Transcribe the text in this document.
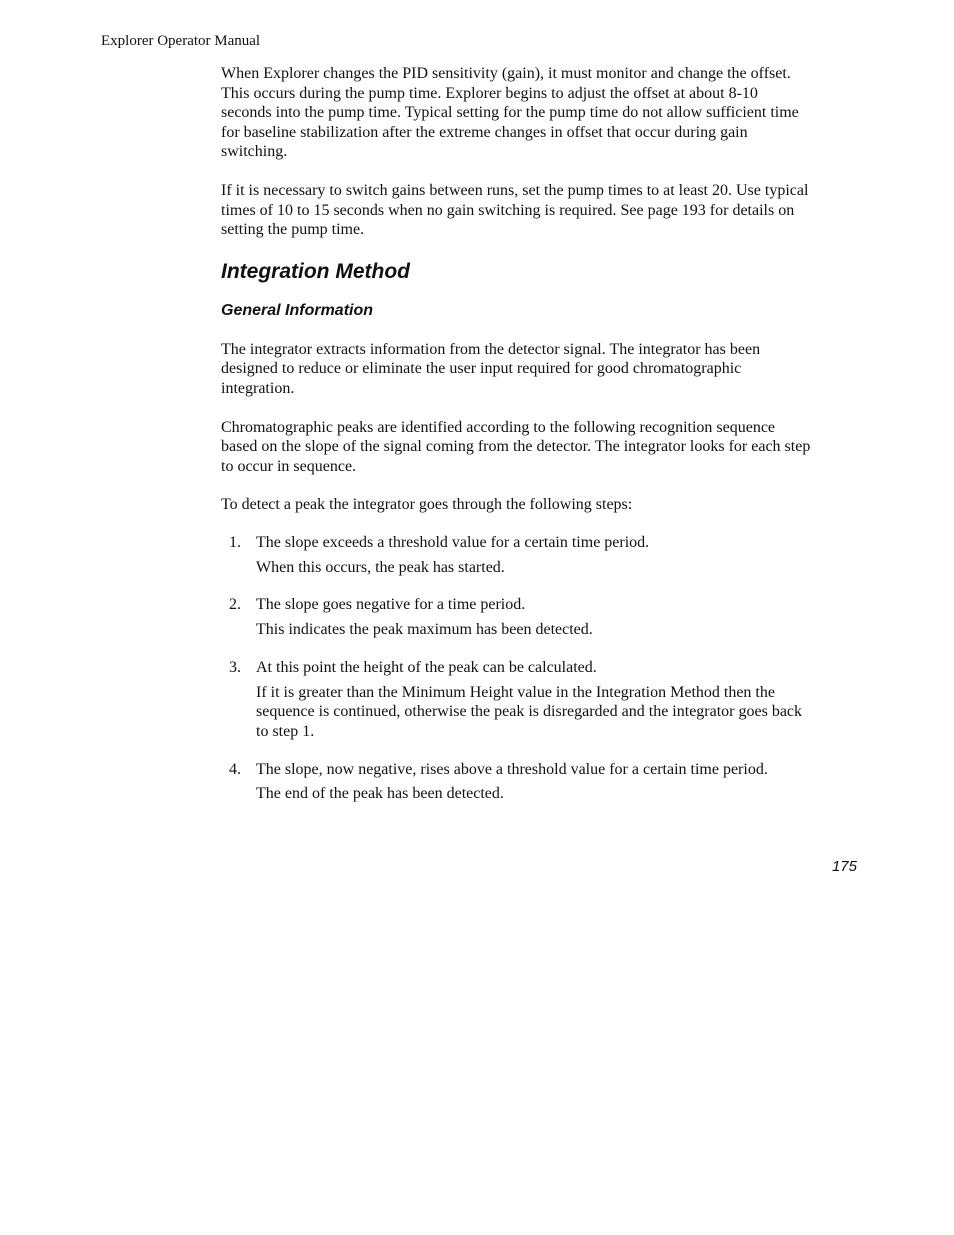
Explorer Operator Manual

When Explorer changes the PID sensitivity (gain), it must monitor and change the offset. This occurs during the pump time. Explorer begins to adjust the offset at about 8-10 seconds into the pump time. Typical setting for the pump time do not allow sufficient time for baseline stabilization after the extreme changes in offset that occur during gain switching.

If it is necessary to switch gains between runs, set the pump times to at least 20. Use typical times of 10 to 15 seconds when no gain switching is required. See page 193 for details on setting the pump time.

Integration Method
General Information

The integrator extracts information from the detector signal. The integrator has been designed to reduce or eliminate the user input required for good chromatographic integration.

Chromatographic peaks are identified according to the following recognition sequence based on the slope of the signal coming from the detector. The integrator looks for each step to occur in sequence.

To detect a peak the integrator goes through the following steps:

1. The slope exceeds a threshold value for a certain time period.

When this occurs, the peak has started.

2. The slope goes negative for a time period.

This indicates the peak maximum has been detected.

3. At this point the height of the peak can be calculated.

If it is greater than the Minimum Height value in the Integration Method then the sequence is continued, otherwise the peak is disregarded and the integrator goes back to step 1.

4. The slope, now negative, rises above a threshold value for a certain time period.

The end of the peak has been detected.

175
